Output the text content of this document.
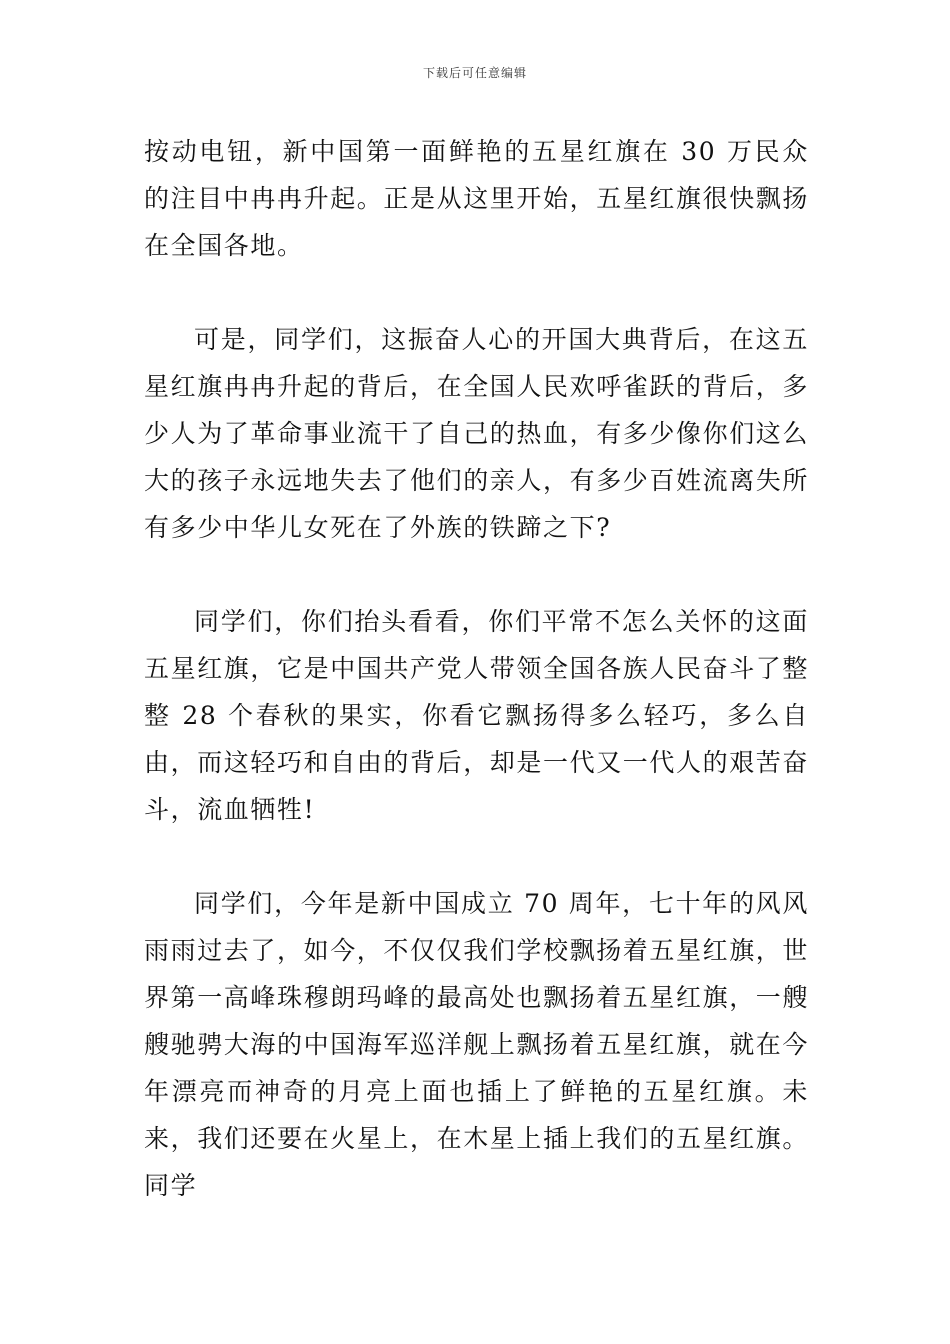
下载后可任意编辑

按动电钮，新中国第一面鲜艳的五星红旗在 30 万民众的注目中冉冉升起。正是从这里开始，五星红旗很快飘扬在全国各地。

可是，同学们，这振奋人心的开国大典背后，在这五星红旗冉冉升起的背后，在全国人民欢呼雀跃的背后，多少人为了革命事业流干了自己的热血，有多少像你们这么大的孩子永远地失去了他们的亲人，有多少百姓流离失所有多少中华儿女死在了外族的铁蹄之下?

同学们，你们抬头看看，你们平常不怎么关怀的这面五星红旗，它是中国共产党人带领全国各族人民奋斗了整整 28 个春秋的果实，你看它飘扬得多么轻巧，多么自由，而这轻巧和自由的背后，却是一代又一代人的艰苦奋斗，流血牺牲!

同学们，今年是新中国成立 70 周年，七十年的风风雨雨过去了，如今，不仅仅我们学校飘扬着五星红旗，世界第一高峰珠穆朗玛峰的最高处也飘扬着五星红旗，一艘艘驰骋大海的中国海军巡洋舰上飘扬着五星红旗，就在今年漂亮而神奇的月亮上面也插上了鲜艳的五星红旗。未来，我们还要在火星上，在木星上插上我们的五星红旗。同学
